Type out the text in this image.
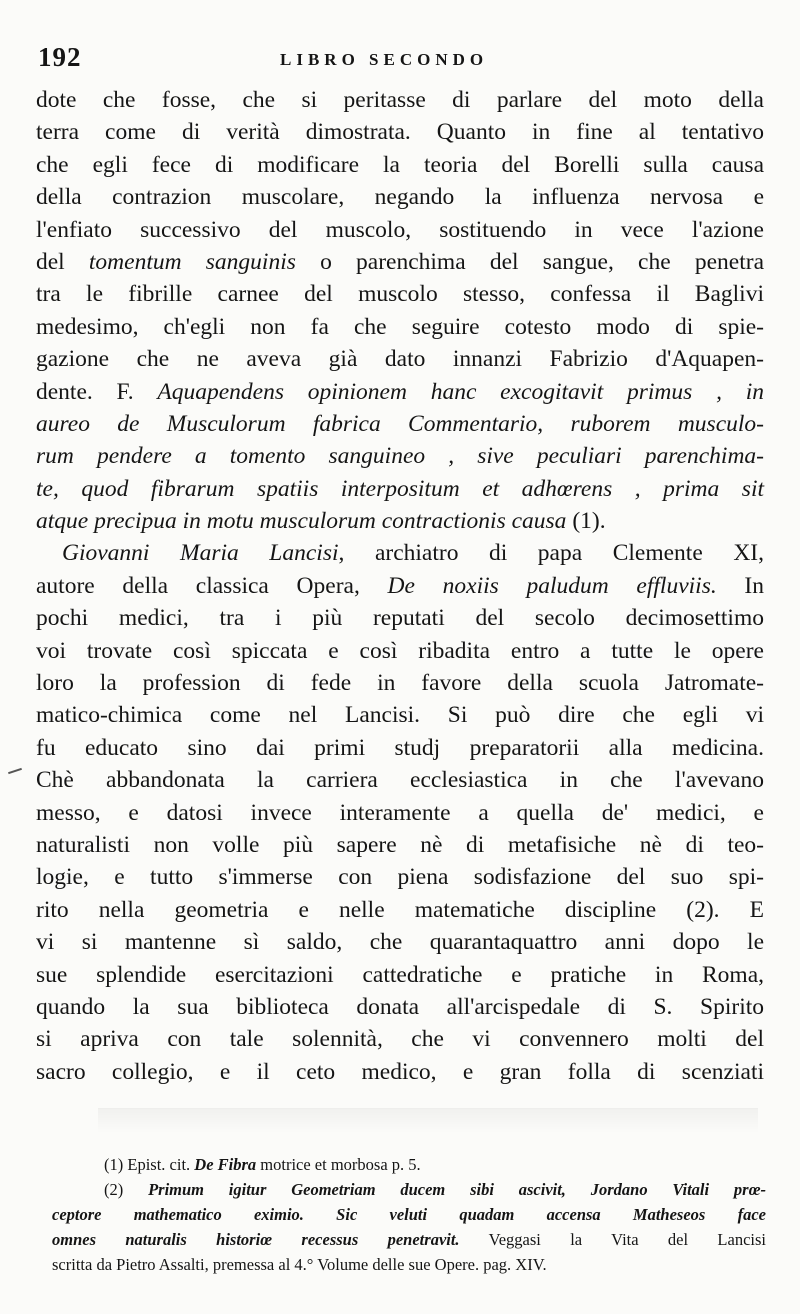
192	LIBRO SECONDO
dote che fosse, che si peritasse di parlare del moto della
terra come di verità dimostrata. Quanto in fine al tentativo
che egli fece di modificare la teoria del Borelli sulla causa
della contrazion muscolare, negando la influenza nervosa e
l'enfiato successivo del muscolo, sostituendo in vece l'azione
del tomentum sanguinis o parenchima del sangue, che penetra
tra le fibrille carnee del muscolo stesso, confessa il Baglivi
medesimo, ch'egli non fa che seguire cotesto modo di spie-
gazione che ne aveva già dato innanzi Fabrizio d'Aquapen-
dente. F. Aquapendens opinionem hanc excogitavit primus , in
aureo de Musculorum fabrica Commentario, ruborem musculo-
rum pendere a tomento sanguineo , sive peculiari parenchima-
te, quod fibrarum spatiis interpositum et adhœrens , prima sit
atque precipua in motu musculorum contractionis causa (1).
Giovanni Maria Lancisi, archiatro di papa Clemente XI,
autore della classica Opera, De noxiis paludum effluviis. In
pochi medici, tra i più reputati del secolo decimosettimo
voi trovate così spiccata e così ribadita entro a tutte le opere
loro la profession di fede in favore della scuola Jatromate-
matico-chimica come nel Lancisi. Si può dire che egli vi
fu educato sino dai primi studj preparatorii alla medicina.
Chè abbandonata la carriera ecclesiastica in che l'avevano
messo, e datosi invece interamente a quella de' medici, e
naturalisti non volle più sapere nè di metafisiche nè di teo-
logie, e tutto s'immerse con piena sodisfazione del suo spi-
rito nella geometria e nelle matematiche discipline (2). E
vi si mantenne sì saldo, che quarantaquattro anni dopo le
sue splendide esercitazioni cattedratiche e pratiche in Roma,
quando la sua biblioteca donata all'arcispedale di S. Spirito
si apriva con tale solennità, che vi convennero molti del
sacro collegio, e il ceto medico, e gran folla di scenziati
(1) Epist. cit. De Fibra motrice et morbosa p. 5.
(2) Primum igitur Geometriam ducem sibi ascivit, Jordano Vitali prœ-
ceptore mathematico eximio. Sic veluti quadam accensa Matheseos face
omnes naturalis historiœ recessus penetravit. Veggasi la Vita del Lancisi
scritta da Pietro Assalti, premessa al 4.° Volume delle sue Opere. pag. XIV.
